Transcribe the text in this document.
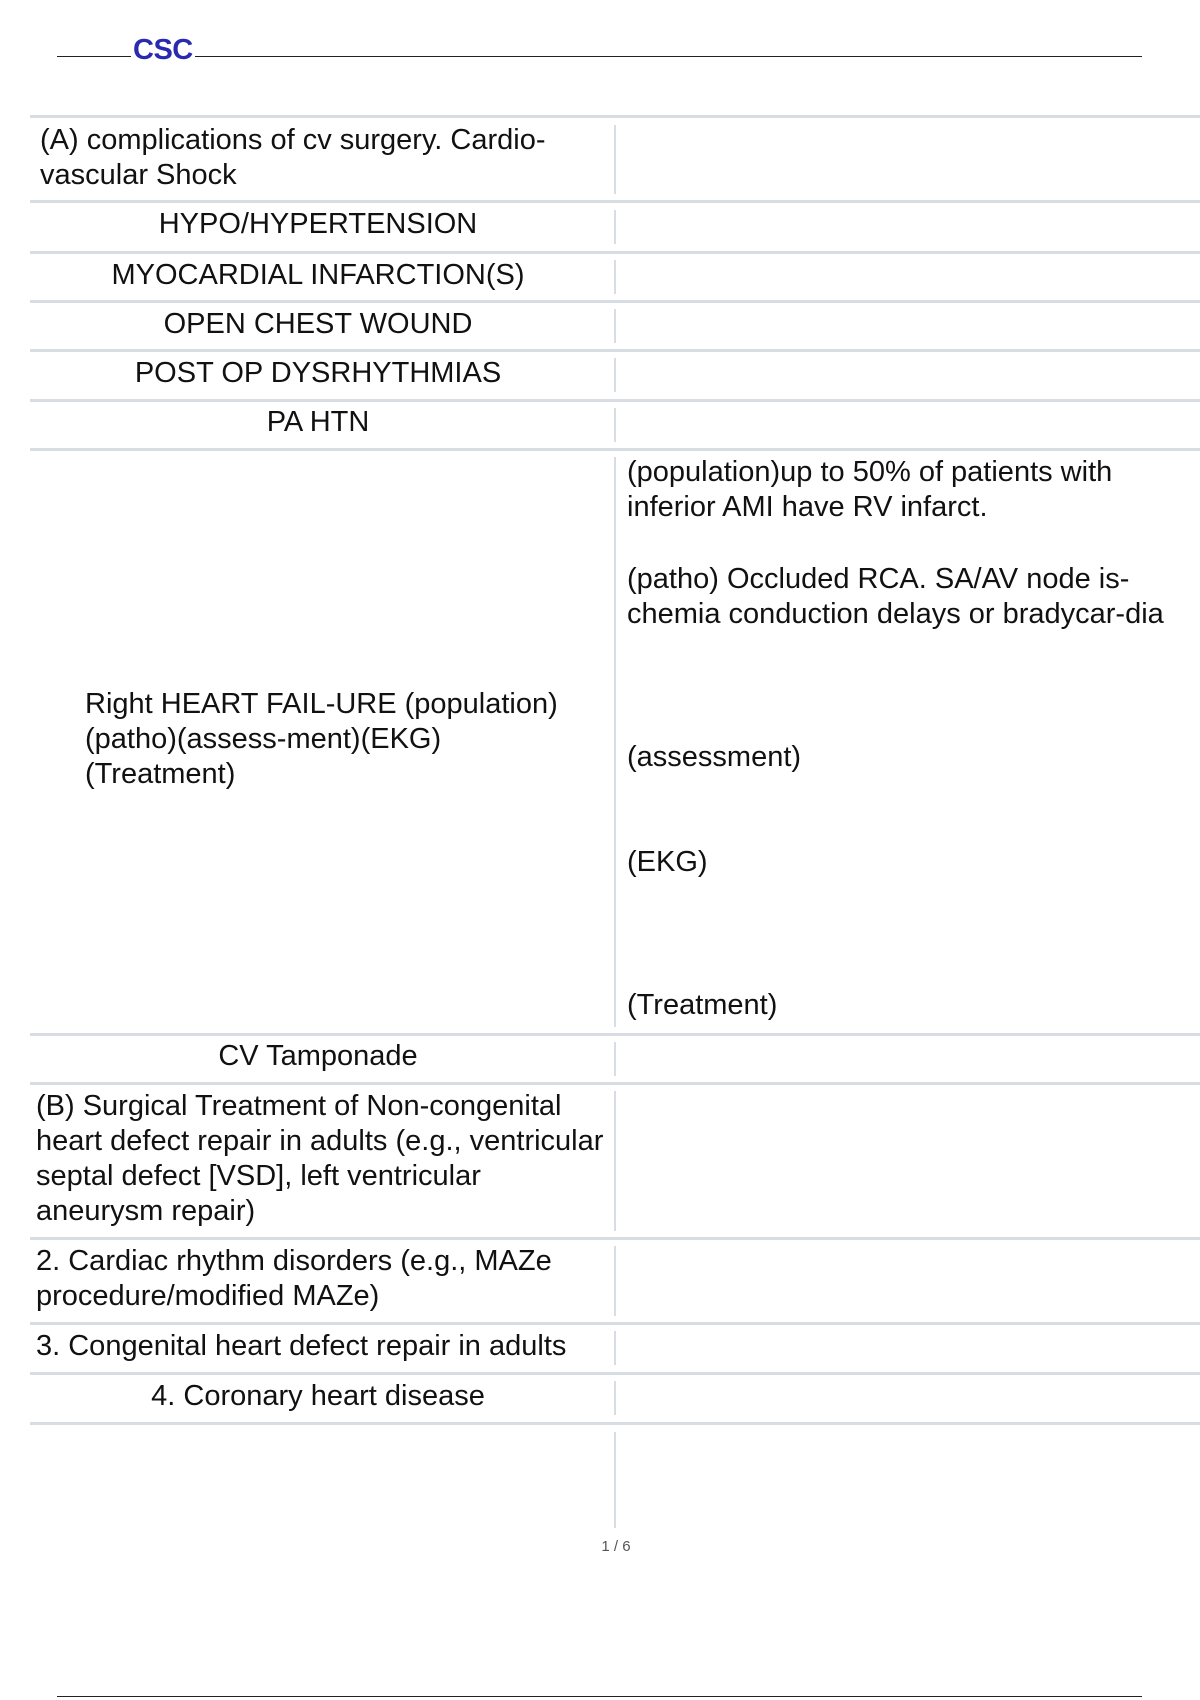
CSC
(A) complications of cv surgery. Cardio-vascular Shock
HYPO/HYPERTENSION
MYOCARDIAL INFARCTION(S)
OPEN CHEST WOUND
POST OP DYSRHYTHMIAS
PA HTN
Right HEART FAIL-URE (population)(patho)(assess-ment)(EKG)(Treatment)
CV Tamponade
(B) Surgical Treatment of Non-congenital heart defect repair in adults (e.g., ventricular septal defect [VSD], left ventricular aneurysm repair)
2. Cardiac rhythm disorders (e.g., MAZe procedure/modified MAZe)
3. Congenital heart defect repair in adults
4. Coronary heart disease

(population)up to 50% of patients with inferior AMI have RV infarct.

(patho) Occluded RCA. SA/AV node is-chemia conduction delays or bradycar-dia

(assessment)

(EKG)

(Treatment)

1 / 6
